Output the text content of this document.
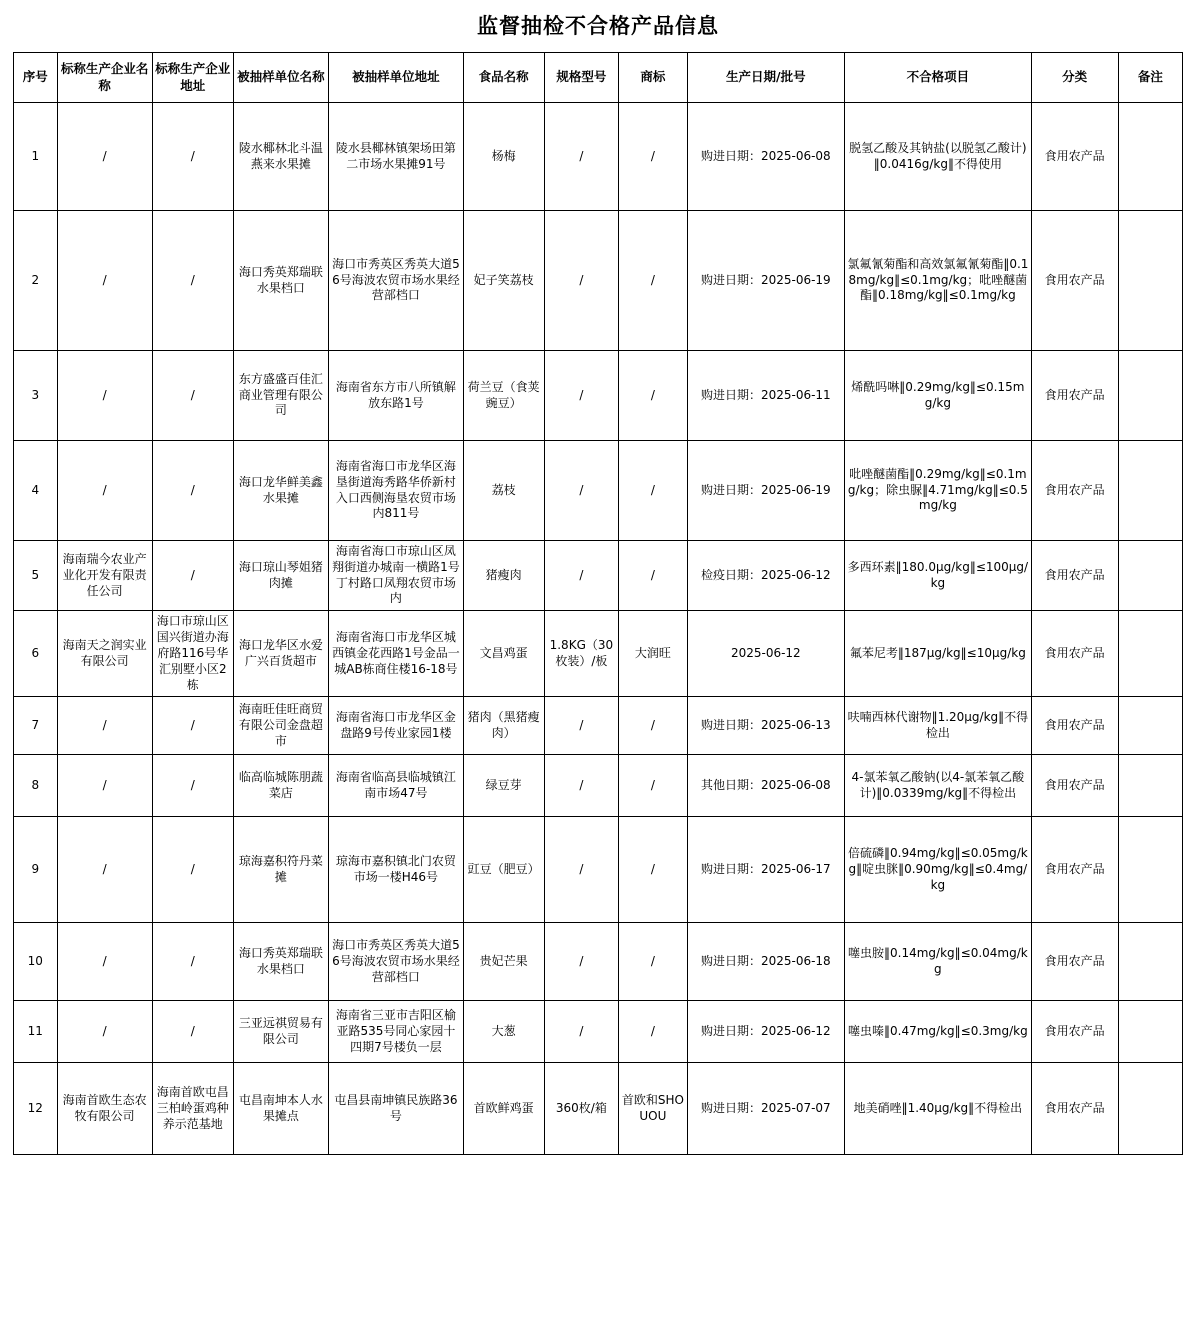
监督抽检不合格产品信息
序号	标称生产企业名称	标称生产企业地址	被抽样单位名称	被抽样单位地址	食品名称	规格型号	商标	生产日期/批号	不合格项目	分类	备注
1	/	/	陵水椰林北斗温燕来水果摊	陵水县椰林镇架场田第二市场水果摊91号	杨梅	/	/	购进日期：2025-06-08	脱氢乙酸及其钠盐(以脱氢乙酸计)‖0.0416g/kg‖不得使用	食用农产品	
2	/	/	海口秀英郑瑞联水果档口	海口市秀英区秀英大道56号海波农贸市场水果经营部档口	妃子笑荔枝	/	/	购进日期：2025-06-19	氯氟氰菊酯和高效氯氟氰菊酯‖0.18mg/kg‖≤0.1mg/kg；吡唑醚菌酯‖0.18mg/kg‖≤0.1mg/kg	食用农产品	
3	/	/	东方盛盛百佳汇商业管理有限公司	海南省东方市八所镇解放东路1号	荷兰豆（食荚豌豆）	/	/	购进日期：2025-06-11	烯酰吗啉‖0.29mg/kg‖≤0.15mg/kg	食用农产品	
4	/	/	海口龙华鲜美鑫水果摊	海南省海口市龙华区海垦街道海秀路华侨新村入口西侧海垦农贸市场内811号	荔枝	/	/	购进日期：2025-06-19	吡唑醚菌酯‖0.29mg/kg‖≤0.1mg/kg；除虫脲‖4.71mg/kg‖≤0.5mg/kg	食用农产品	
5	海南瑞今农业产业化开发有限责任公司	/	海口琼山琴姐猪肉摊	海南省海口市琼山区凤翔街道办城南一横路1号丁村路口凤翔农贸市场内	猪瘦肉	/	/	检疫日期：2025-06-12	多西环素‖180.0μg/kg‖≤100μg/kg	食用农产品	
6	海南天之润实业有限公司	海口市琼山区国兴街道办海府路116号华汇别墅小区2栋	海口龙华区水爱广兴百货超市	海南省海口市龙华区城西镇金花西路1号金品一城AB栋商住楼16-18号	文昌鸡蛋	1.8KG（30枚装）/板	大润旺	2025-06-12	氟苯尼考‖187μg/kg‖≤10μg/kg	食用农产品	
7	/	/	海南旺佳旺商贸有限公司金盘超市	海南省海口市龙华区金盘路9号传业家园1楼	猪肉（黑猪瘦肉）	/	/	购进日期：2025-06-13	呋喃西林代谢物‖1.20μg/kg‖不得检出	食用农产品	
8	/	/	临高临城陈朋蔬菜店	海南省临高县临城镇江南市场47号	绿豆芽	/	/	其他日期：2025-06-08	4-氯苯氧乙酸钠(以4-氯苯氧乙酸计)‖0.0339mg/kg‖不得检出	食用农产品	
9	/	/	琼海嘉积符丹菜摊	琼海市嘉积镇北门农贸市场一楼H46号	豇豆（肥豆）	/	/	购进日期：2025-06-17	倍硫磷‖0.94mg/kg‖≤0.05mg/kg‖啶虫脒‖0.90mg/kg‖≤0.4mg/kg	食用农产品	
10	/	/	海口秀英郑瑞联水果档口	海口市秀英区秀英大道56号海波农贸市场水果经营部档口	贵妃芒果	/	/	购进日期：2025-06-18	噻虫胺‖0.14mg/kg‖≤0.04mg/kg	食用农产品	
11	/	/	三亚远祺贸易有限公司	海南省三亚市吉阳区榆亚路535号同心家园十四期7号楼负一层	大葱	/	/	购进日期：2025-06-12	噻虫嗪‖0.47mg/kg‖≤0.3mg/kg	食用农产品	
12	海南首欧生态农牧有限公司	海南首欧屯昌三柏岭蛋鸡种养示范基地	屯昌南坤本人水果摊点	屯昌县南坤镇民族路36号	首欧鲜鸡蛋	360枚/箱	首欧和SHOUOU	购进日期：2025-07-07	地美硝唑‖1.40μg/kg‖不得检出	食用农产品	
